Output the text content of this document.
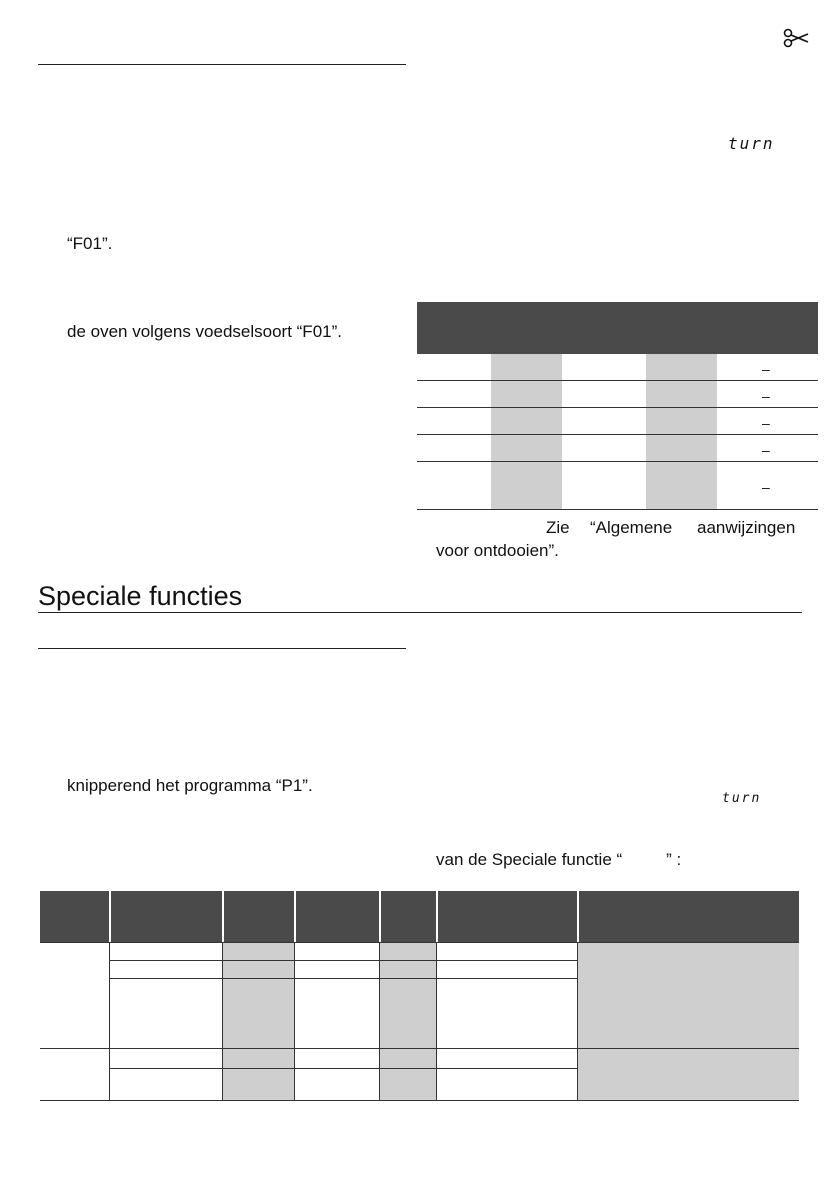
turn
“F01”.
de oven volgens voedselsoort “F01”.
–
–
–
–
–
Zie “Algemene aanwijzingen
voor ontdooien”.
Speciale functies
knipperend het programma “P1”.
turn
van de Speciale functie “	” :
